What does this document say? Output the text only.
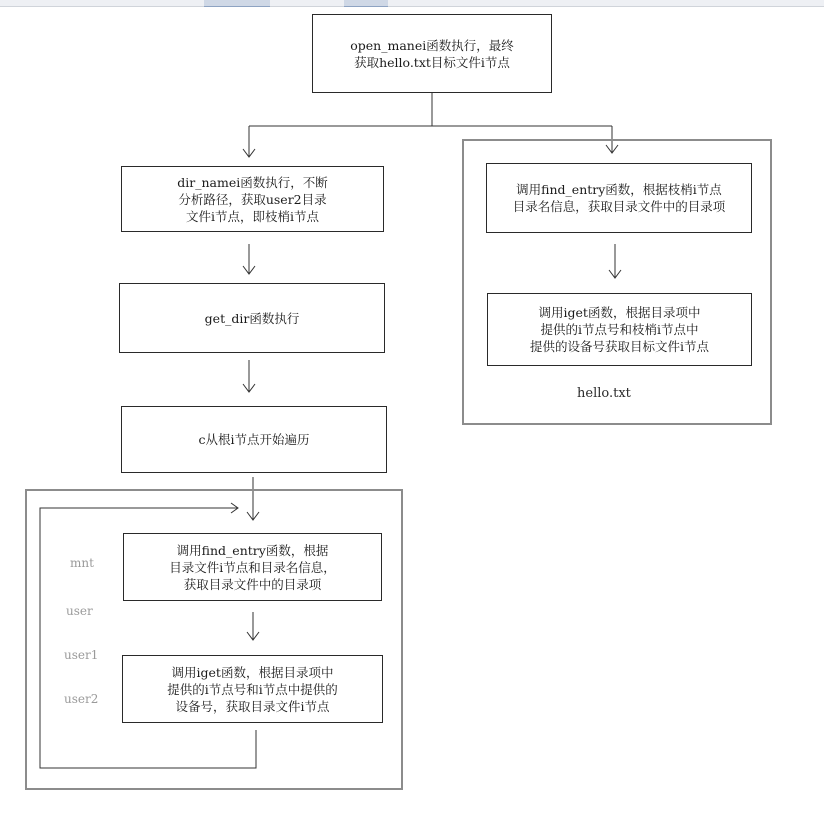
open_manei函数执行，最终
获取hello.txt目标文件i节点
dir_namei函数执行，不断
分析路径，获取user2目录
文件i节点，即枝梢i节点
get_dir函数执行
c从根i节点开始遍历
调用find_entry函数，根据枝梢i节点
目录名信息，获取目录文件中的目录项
调用iget函数，根据目录项中
提供的i节点号和枝梢i节点中
提供的设备号获取目标文件i节点
hello.txt
调用find_entry函数，根据
目录文件i节点和目录名信息，
获取目录文件中的目录项
调用iget函数，根据目录项中
提供的i节点号和i节点中提供的
设备号，获取目录文件i节点
mnt
user
user1
user2
